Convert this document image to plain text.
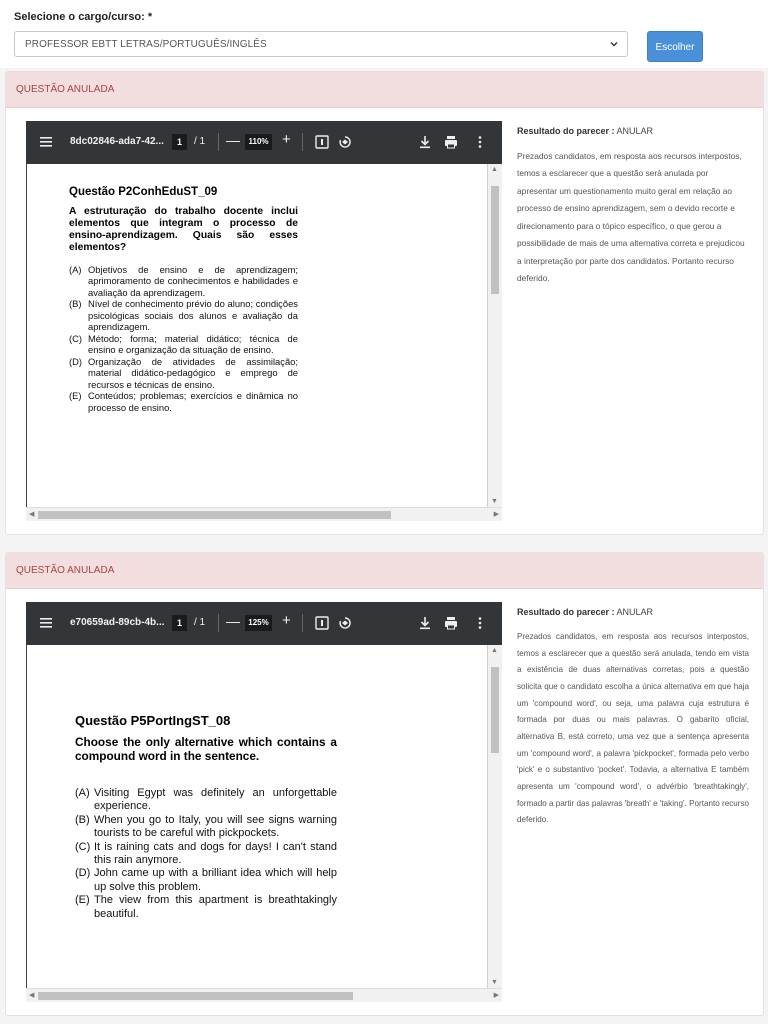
Selecione o cargo/curso: *
PROFESSOR EBTT LETRAS/PORTUGUÊS/INGLÊS	Escolher
QUESTÃO ANULADA
8dc02846-ada7-42...	1	/ 1 —	110% +
Questão P2ConhEduST_09
A estruturação do trabalho docente inclui elementos que integram o processo de ensino-aprendizagem. Quais são esses elementos?
(A) Objetivos de ensino e de aprendizagem; aprimoramento de conhecimentos e habilidades e avaliação da aprendizagem.
(B) Nível de conhecimento prévio do aluno; condições psicológicas sociais dos alunos e avaliação da aprendizagem.
(C) Método; forma; material didático; técnica de ensino e organização da situação de ensino.
(D) Organização de atividades de assimilação; material didático-pedagógico e emprego de recursos e técnicas de ensino.
(E) Conteúdos; problemas; exercícios e dinâmica no processo de ensino.
▲
▼
◀	▶
Resultado do parecer : ANULAR
Prezados candidatos, em resposta aos recursos interpostos, temos a esclarecer que a questão será anulada por apresentar um questionamento muito geral em relação ao processo de ensino aprendizagem, sem o devido recorte e direcionamento para o tópico específico, o que gerou a possibilidade de mais de uma alternativa correta e prejudicou a interpretação por parte dos candidatos. Portanto recurso deferido.
QUESTÃO ANULADA
e70659ad-89cb-4b...	1	/ 1 —	125% +
Questão P5PortIngST_08
Choose the only alternative which contains a compound word in the sentence.
(A) Visiting Egypt was definitely an unforgettable experience.
(B) When you go to Italy, you will see signs warning tourists to be careful with pickpockets.
(C) It is raining cats and dogs for days! I can't stand this rain anymore.
(D) John came up with a brilliant idea which will help up solve this problem.
(E) The view from this apartment is breathtakingly beautiful.
▲
▼
◀	▶
Resultado do parecer : ANULAR
Prezados candidatos, em resposta aos recursos interpostos, temos a esclarecer que a questão será anulada, tendo em vista a existência de duas alternativas corretas, pois a questão solicita que o candidato escolha a única alternativa em que haja um 'compound word', ou seja, uma palavra cuja estrutura é formada por duas ou mais palavras. O gabarito oficial, alternativa B, está correto, uma vez que a sentença apresenta um 'compound word', a palavra 'pickpocket', formada pelo verbo 'pick' e o substantivo 'pocket'. Todavia, a alternativa E também apresenta um 'compound word', o advérbio 'breathtakingly', formado a partir das palavras 'breath' e 'taking'. Portanto recurso deferido.
